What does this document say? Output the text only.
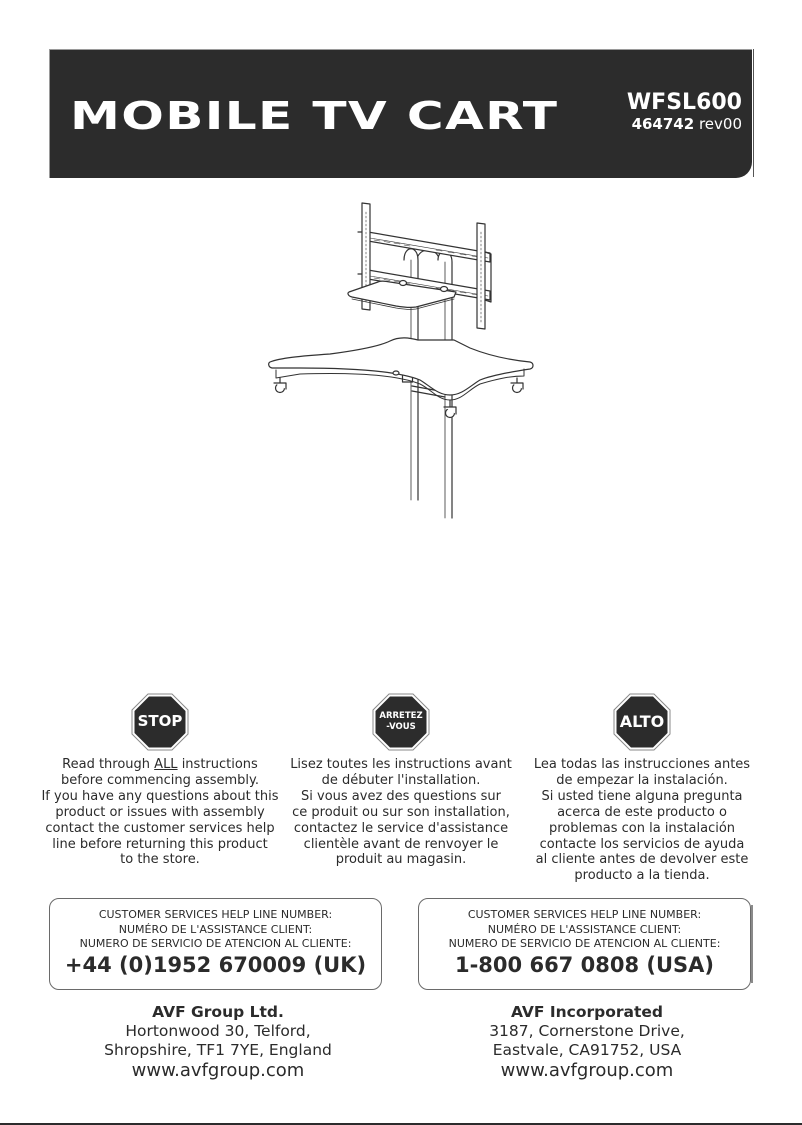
MOBILE TV CART	WFSL600
464742 rev00
STOP
Read through ALL instructions
before commencing assembly.
If you have any questions about this
product or issues with assembly
contact the customer services help
line before returning this product
to the store.
ARRETEZ
-VOUS
Lisez toutes les instructions avant
de débuter l'installation.
Si vous avez des questions sur
ce produit ou sur son installation,
contactez le service d'assistance
clientèle avant de renvoyer le
produit au magasin.
ALTO
Lea todas las instrucciones antes
de empezar la instalación.
Si usted tiene alguna pregunta
acerca de este producto o
problemas con la instalación
contacte los servicios de ayuda
al cliente antes de devolver este
producto a la tienda.
CUSTOMER SERVICES HELP LINE NUMBER:
NUMÉRO DE L'ASSISTANCE CLIENT:
NUMERO DE SERVICIO DE ATENCION AL CLIENTE:
+44 (0)1952 670009 (UK)
CUSTOMER SERVICES HELP LINE NUMBER:
NUMÉRO DE L'ASSISTANCE CLIENT:
NUMERO DE SERVICIO DE ATENCION AL CLIENTE:
1-800 667 0808 (USA)
AVF Group Ltd.
Hortonwood 30, Telford,
Shropshire, TF1 7YE, England
www.avfgroup.com
AVF Incorporated
3187, Cornerstone Drive,
Eastvale, CA91752, USA
www.avfgroup.com
